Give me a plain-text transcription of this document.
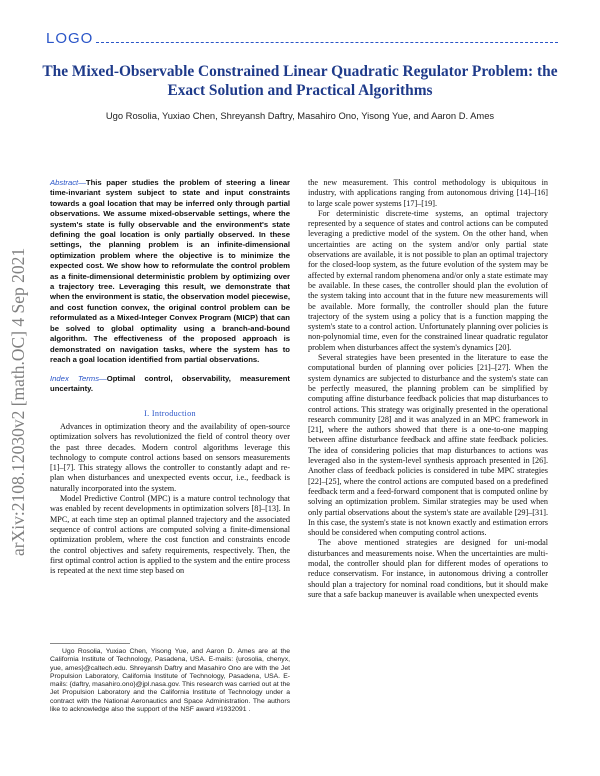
LOGO
arXiv:2108.12030v2 [math.OC] 4 Sep 2021
The Mixed-Observable Constrained Linear Quadratic Regulator Problem: the Exact Solution and Practical Algorithms
Ugo Rosolia, Yuxiao Chen, Shreyansh Daftry, Masahiro Ono, Yisong Yue, and Aaron D. Ames
Abstract—This paper studies the problem of steering a linear time-invariant system subject to state and input constraints towards a goal location that may be inferred only through partial observations. We assume mixed-observable settings, where the system's state is fully observable and the environment's state defining the goal location is only partially observed. In these settings, the planning problem is an infinite-dimensional optimization problem where the objective is to minimize the expected cost. We show how to reformulate the control problem as a finite-dimensional deterministic problem by optimizing over a trajectory tree. Leveraging this result, we demonstrate that when the environment is static, the observation model piecewise, and cost function convex, the original control problem can be reformulated as a Mixed-Integer Convex Program (MICP) that can be solved to global optimality using a branch-and-bound algorithm. The effectiveness of the proposed approach is demonstrated on navigation tasks, where the system has to reach a goal location identified from partial observations.
Index Terms—Optimal control, observability, measurement uncertainty.
I. Introduction

Advances in optimization theory and the availability of open-source optimization solvers has revolutionized the field of control theory over the past three decades. Modern control algorithms leverage this technology to compute control actions based on sensors measurements [1]–[7]. This strategy allows the controller to constantly adapt and re-plan when disturbances and unexpected events occur, i.e., feedback is naturally incorporated into the system.

Model Predictive Control (MPC) is a mature control technology that was enabled by recent developments in optimization solvers [8]–[13]. In MPC, at each time step an optimal planned trajectory and the associated sequence of control actions are computed solving a finite-dimensional optimization problem, where the cost function and constraints encode the control objectives and safety requirements, respectively. Then, the first optimal control action is applied to the system and the entire process is repeated at the next time step based on

Ugo Rosolia, Yuxiao Chen, Yisong Yue, and Aaron D. Ames are at the California Institute of Technology, Pasadena, USA. E-mails: {urosolia, chenyx, yue, ames}@caltech.edu. Shreyansh Daftry and Masahiro Ono are with the Jet Propulsion Laboratory, California Institute of Technology, Pasadena, USA. E-mails: {daftry, masahiro.ono}@jpl.nasa.gov. This research was carried out at the Jet Propulsion Laboratory and the California Institute of Technology under a contract with the National Aeronautics and Space Administration. The authors like to acknowledge also the support of the NSF award #1932091 .

the new measurement. This control methodology is ubiquitous in industry, with applications ranging from autonomous driving [14]–[16] to large scale power systems [17]–[19].

For deterministic discrete-time systems, an optimal trajectory represented by a sequence of states and control actions can be computed leveraging a predictive model of the system. On the other hand, when uncertainties are acting on the system and/or only partial state observations are available, it is not possible to plan an optimal trajectory for the closed-loop system, as the future evolution of the system may be affected by external random phenomena and/or only a state estimate may be available. In these cases, the controller should plan the evolution of the system taking into account that in the future new measurements will be available. More formally, the controller should plan the future trajectory of the system using a policy that is a function mapping the system's state to a control action. Unfortunately planning over policies is non-polynomial time, even for the constrained linear quadratic regulator problem when disturbances affect the system's dynamics [20].

Several strategies have been presented in the literature to ease the computational burden of planning over policies [21]–[27]. When the system dynamics are subjected to disturbance and the system's state can be perfectly measured, the planning problem can be simplified by computing affine disturbance feedback policies that map disturbances to control actions. This strategy was originally presented in the operational research community [28] and it was analyzed in an MPC framework in [21], where the authors showed that there is a one-to-one mapping between affine disturbance feedback and affine state feedback policies. The idea of considering policies that map disturbances to actions was leveraged also in the system-level synthesis approach presented in [26]. Another class of feedback policies is considered in tube MPC strategies [22]–[25], where the control actions are computed based on a predefined feedback term and a feed-forward component that is computed online by solving an optimization problem. Similar strategies may be used when only partial observations about the system's state are available [29]–[31]. In this case, the system's state is not known exactly and estimation errors should be considered when computing control actions.

The above mentioned strategies are designed for uni-modal disturbances and measurements noise. When the uncertainties are multi-modal, the controller should plan for different modes of operations to reduce conservatism. For instance, in autonomous driving a controller should plan a trajectory for nominal road conditions, but it should make sure that a safe backup maneuver is available when unexpected events
